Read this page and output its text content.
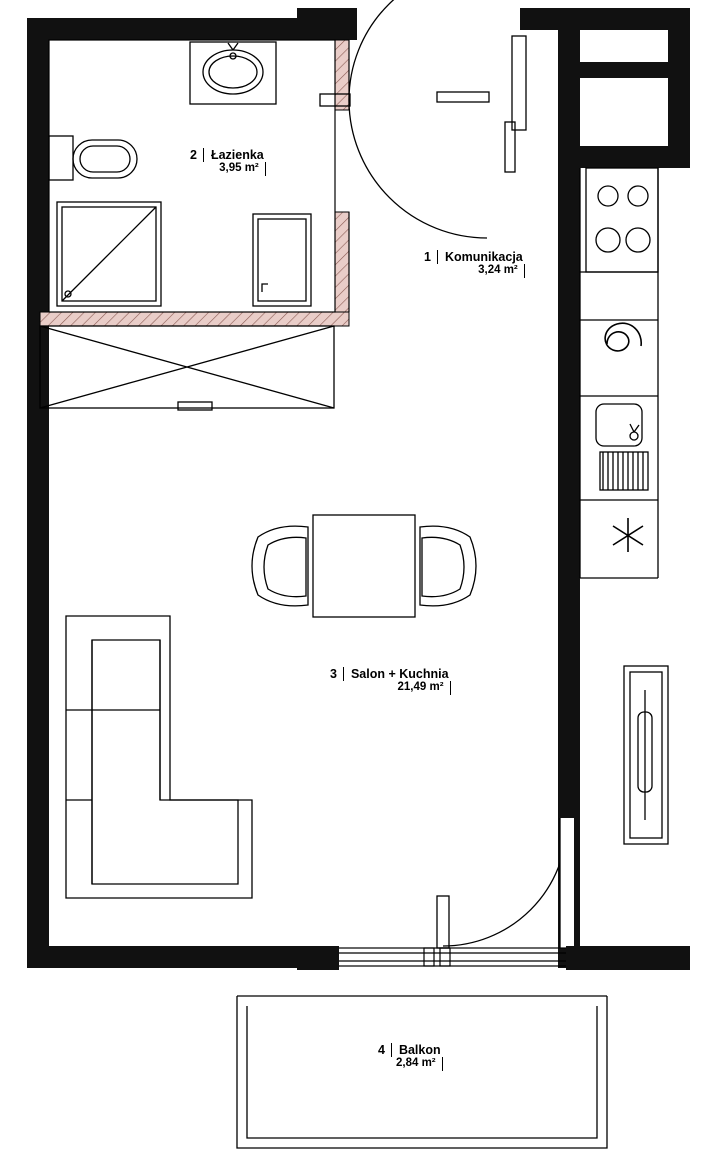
2	Łazienka
3,95 m²
1	Komunikacja
3,24 m²
3	Salon + Kuchnia
21,49 m²
4	Balkon
2,84 m²
